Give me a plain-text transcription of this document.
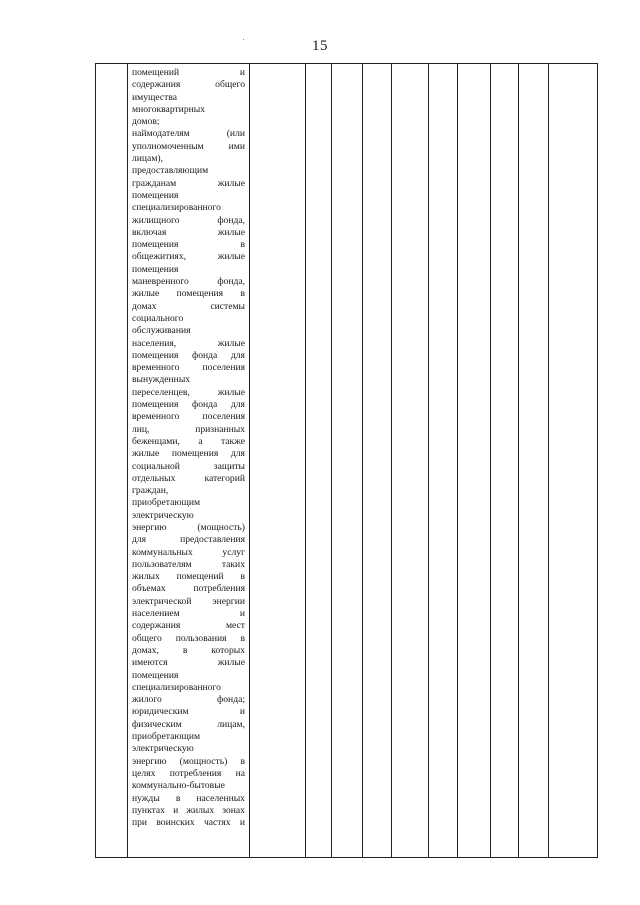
15

помещений	и
содержания	общего
имущества
многоквартирных
домов;
наймодателям	(или
уполномоченным	ими
лицам),
предоставляющим
гражданам	жилые
помещения
специализированного
жилищного	фонда,
включая	жилые
помещения	в
общежитиях,	жилые
помещения
маневренного	фонда,
жилые помещения в
домах	системы
социального
обслуживания
населения,	жилые
помещения фонда для
временного поселения
вынужденных
переселенцев,	жилые
помещения фонда для
временного поселения
лиц,	признанных
беженцами, а также
жилые помещения для
социальной	защиты
отдельных	категорий
граждан,
приобретающим
электрическую
энергию	(мощность)
для	предоставления
коммунальных	услуг
пользователям	таких
жилых помещений в
объемах	потребления
электрической энергии
населением	и
содержания	мест
общего пользования в
домах, в которых
имеются	жилые
помещения
специализированного
жилого	фонда;
юридическим	и
физическим	лицам,
приобретающим
электрическую
энергию (мощность) в
целях потребления на
коммунально-бытовые
нужды в населенных
пунктах и жилых зонах
при воинских частях и
